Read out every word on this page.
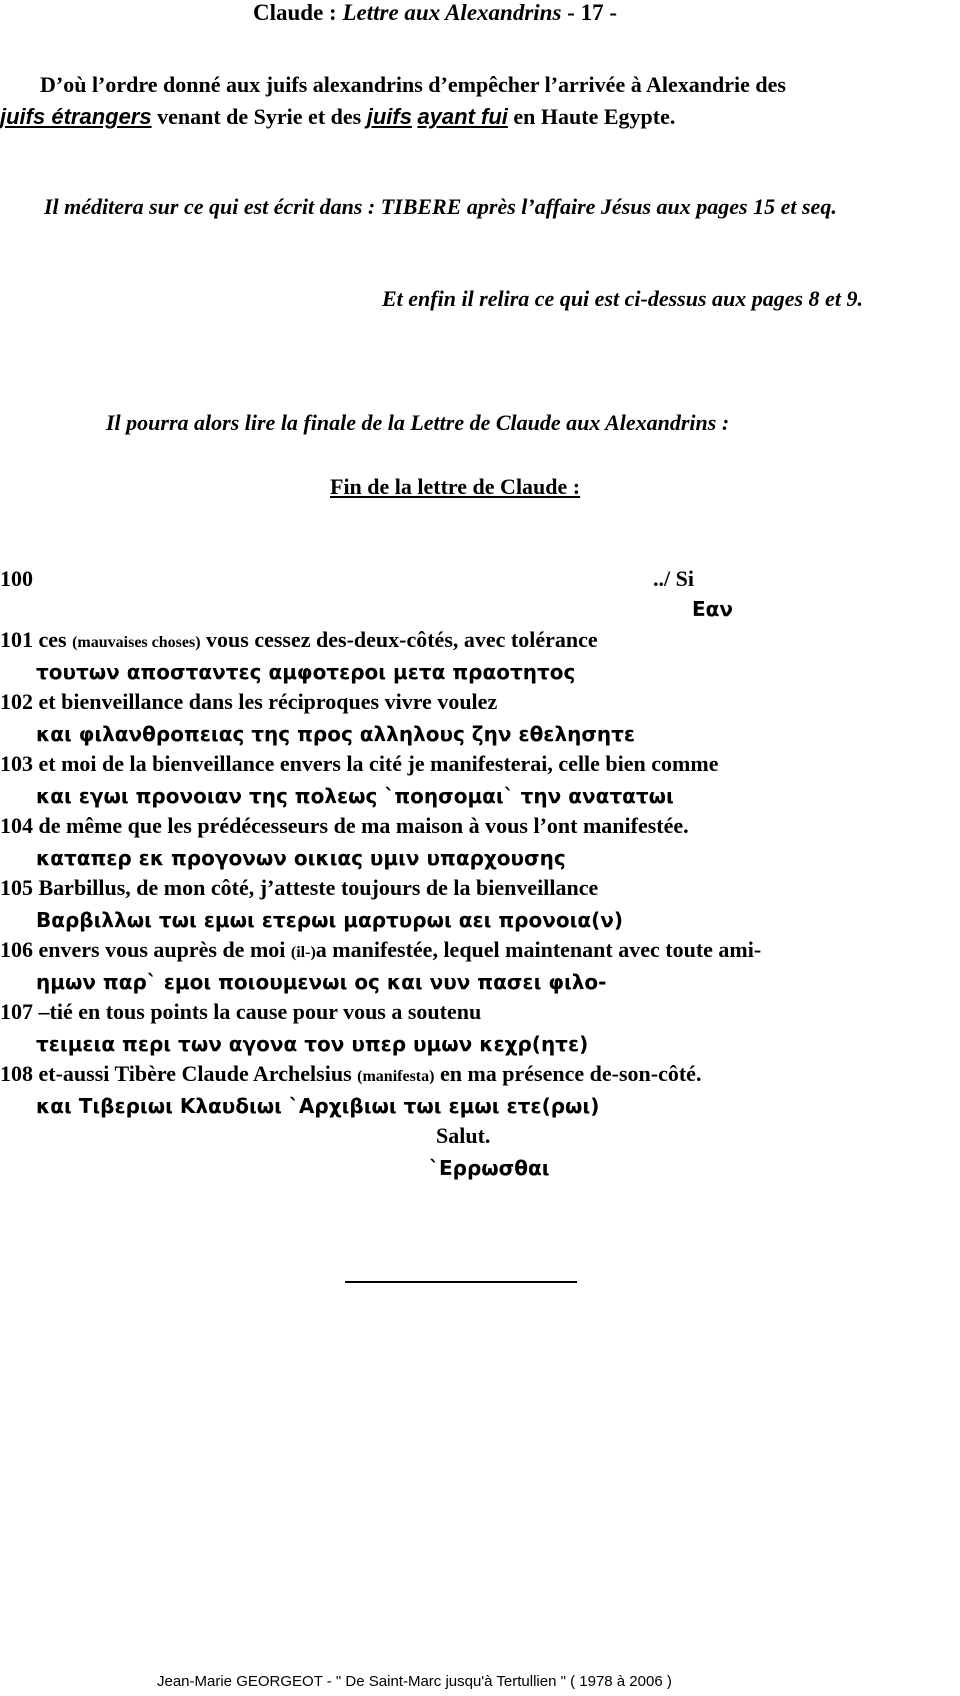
Claude : Lettre aux Alexandrins - 17 -
D’où l’ordre donné aux juifs alexandrins d’empêcher l’arrivée à Alexandrie des
juifs étrangers venant de Syrie et des juifs ayant fui en Haute Egypte.
Il méditera sur ce qui est écrit dans : TIBERE après l’affaire Jésus aux pages 15 et seq.
Et enfin il relira ce qui est ci-dessus aux pages 8 et 9.
Il pourra alors lire la finale de la Lettre de Claude aux Alexandrins :
Fin de la lettre de Claude :
100	../ Si
Εαν
101 ces (mauvaises choses) vous cessez des-deux-côtés, avec tolérance
τουτων αποσταντες αμφοτεροι μετα πραοτητος
102 et bienveillance dans les réciproques vivre voulez
και φιλανθροπειας της προς αλληλους ζην εθελησητε
103 et moi de la bienveillance envers la cité je manifesterai, celle bien comme
και εγωι προνοιαν της πολεως `ποησομαι` την ανατατωι
104 de même que les prédécesseurs de ma maison à vous l’ont manifestée.
καταπερ εκ προγονων οικιας υμιν υπαρχουσης
105 Barbillus, de mon côté, j’atteste toujours de la bienveillance
Βαρβιλλωι τωι εμωι ετερωι μαρτυρωι αει προνοια(ν)
106 envers vous auprès de moi (il-)a manifestée, lequel maintenant avec toute ami-
ημων παρ` εμοι ποιουμενωι ος και νυν πασει φιλο-
107 –tié en tous points la cause pour vous a soutenu
τειμεια περι των αγονα τον υπερ υμων κεχρ(ητε)
108 et-aussi Tibère Claude Archelsius (manifesta) en ma présence de-son-côté.
και Τιβεριωι Κλαυδιωι `Αρχιβιωι τωι εμωι ετε(ρωι)
Salut.
`Ερρωσθαι
Jean-Marie GEORGEOT - " De Saint-Marc jusqu'à Tertullien " ( 1978 à 2006 )
